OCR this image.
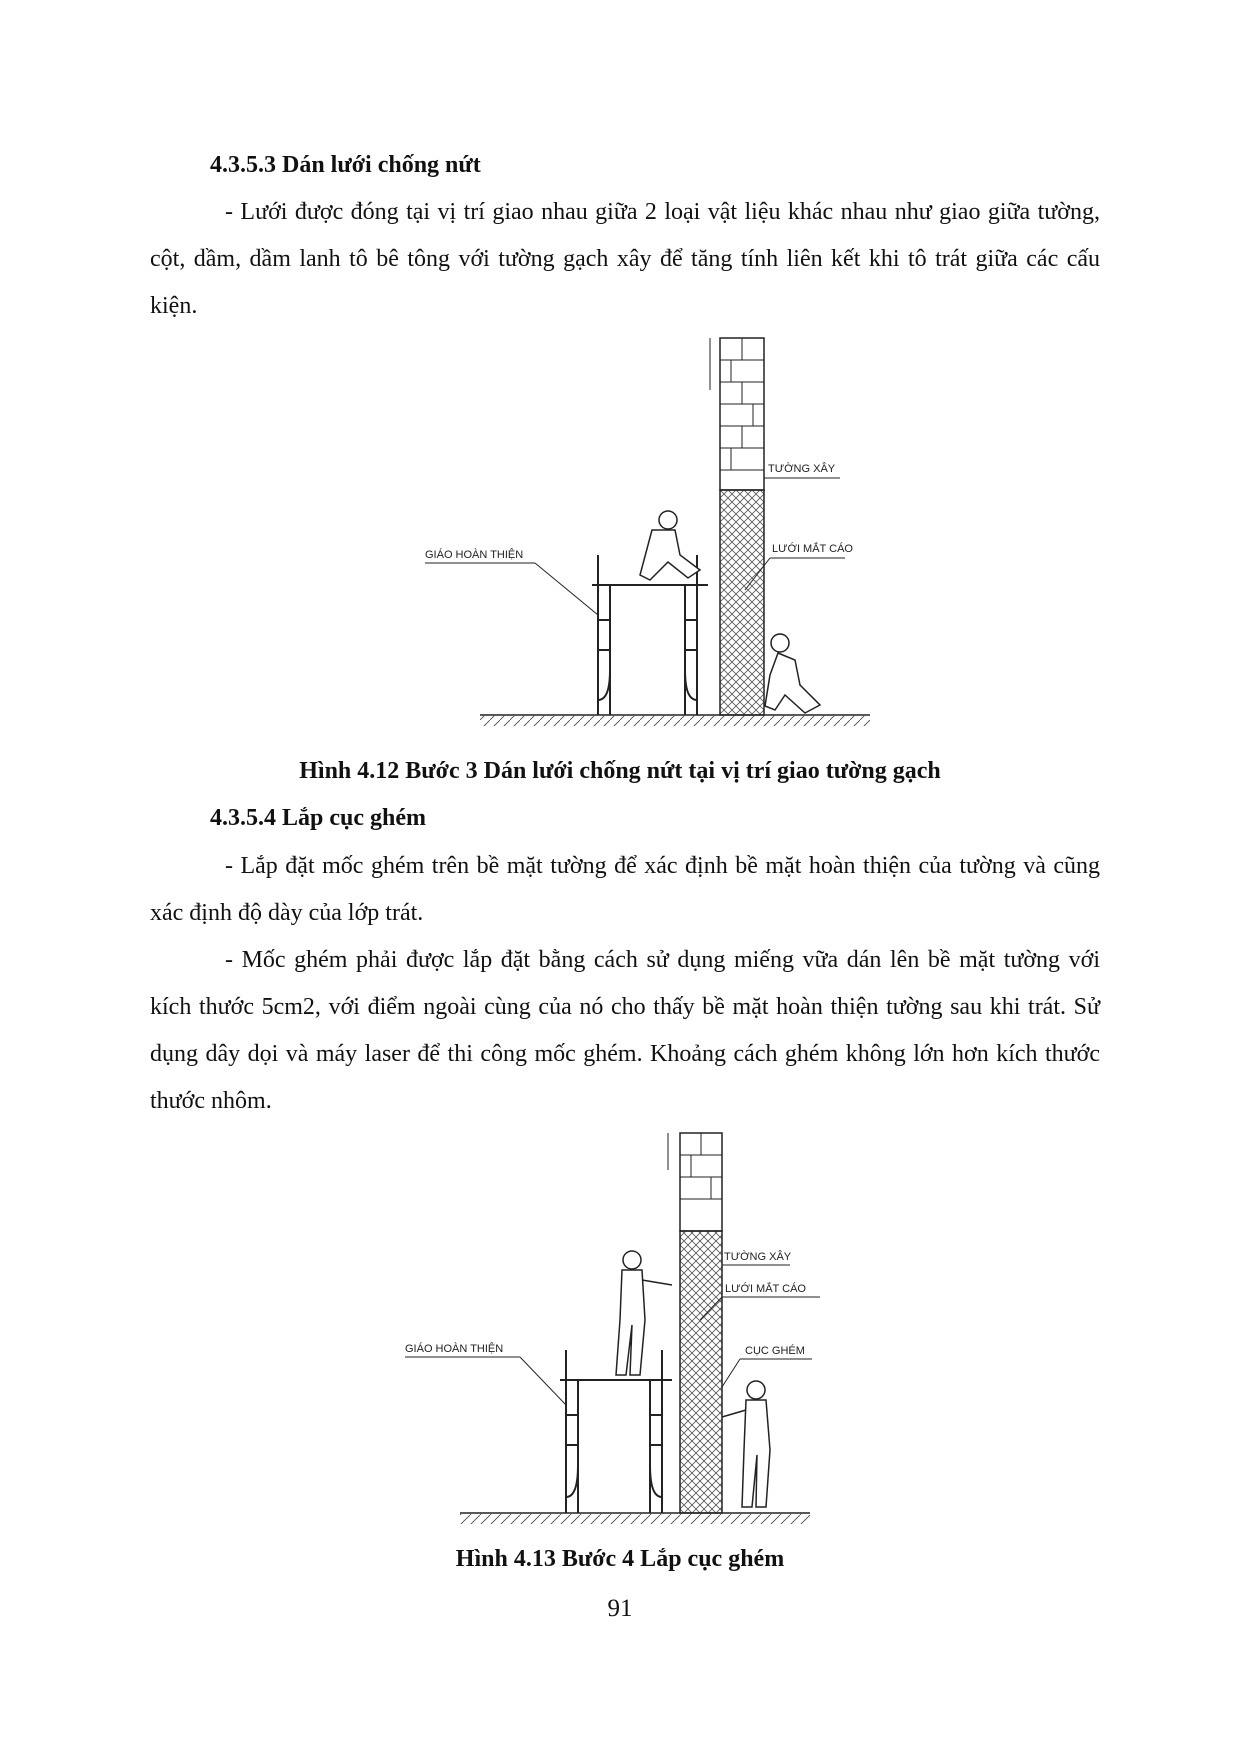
4.3.5.3 Dán lưới chống nứt

- Lưới được đóng tại vị trí giao nhau giữa 2 loại vật liệu khác nhau như giao giữa tường, cột, dầm, dầm lanh tô bê tông với tường gạch xây để tăng tính liên kết khi tô trát giữa các cấu kiện.

TƯỜNG XÂY
GIÁO HOÀN THIỆN	LƯỚI MẮT CÁO
Hình 4.12 Bước 3 Dán lưới chống nứt tại vị trí giao tường gạch
4.3.5.4 Lắp cục ghém

- Lắp đặt mốc ghém trên bề mặt tường để xác định bề mặt hoàn thiện của tường và cũng xác định độ dày của lớp trát.

- Mốc ghém phải được lắp đặt bằng cách sử dụng miếng vữa dán lên bề mặt tường với kích thước 5cm2, với điểm ngoài cùng của nó cho thấy bề mặt hoàn thiện tường sau khi trát. Sử dụng dây dọi và máy laser để thi công mốc ghém. Khoảng cách ghém không lớn hơn kích thước thước nhôm.

TƯỜNG XÂY
LƯỚI MẮT CÁO
GIÁO HOÀN THIỆN	CỤC GHÉM
Hình 4.13 Bước 4 Lắp cục ghém
91
